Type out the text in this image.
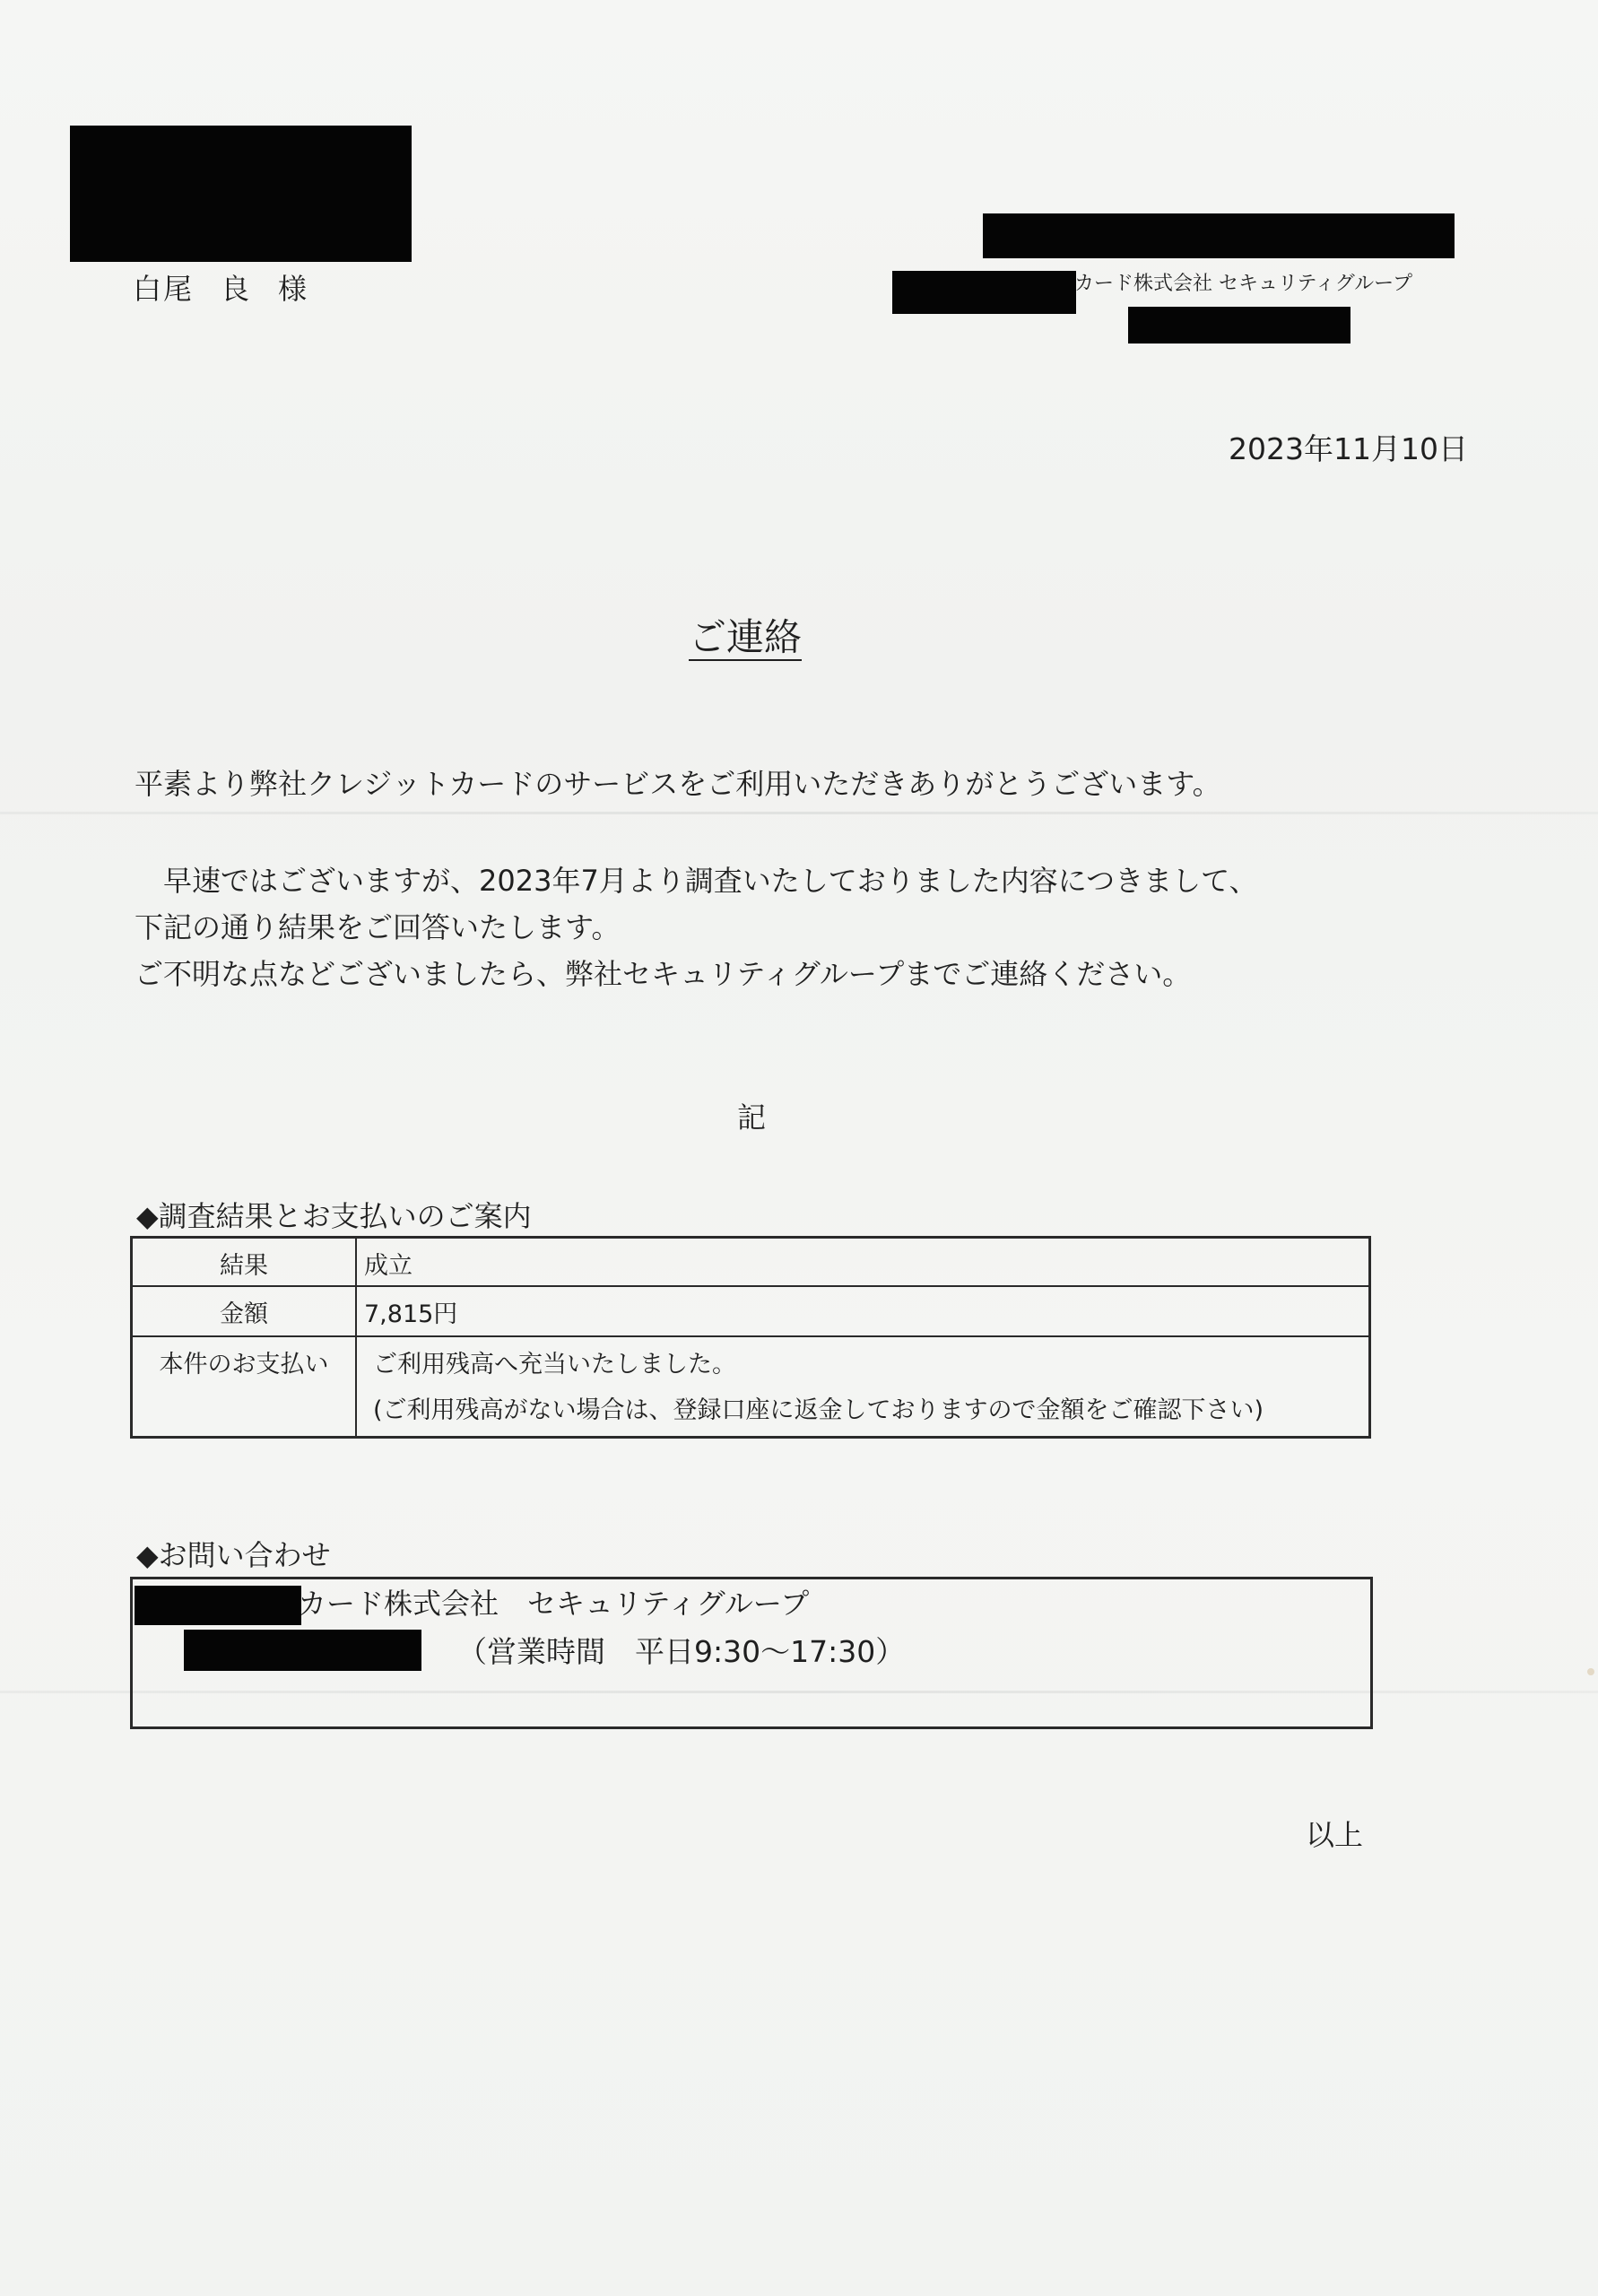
白尾 良 様	カード株式会社 セキュリティグループ
2023年11月10日
ご連絡
平素より弊社クレジットカードのサービスをご利用いただきありがとうございます。
　早速ではございますが、2023年7月より調査いたしておりました内容につきまして、
下記の通り結果をご回答いたします。
ご不明な点などございましたら、弊社セキュリティグループまでご連絡ください。
記
◆調査結果とお支払いのご案内
結果	成立
金額	7,815円
本件のお支払い	ご利用残高へ充当いたしました。
(ご利用残高がない場合は、登録口座に返金しておりますので金額をご確認下さい)
◆お問い合わせ
カード株式会社　セキュリティグループ
（営業時間　平日9:30～17:30）
以上
